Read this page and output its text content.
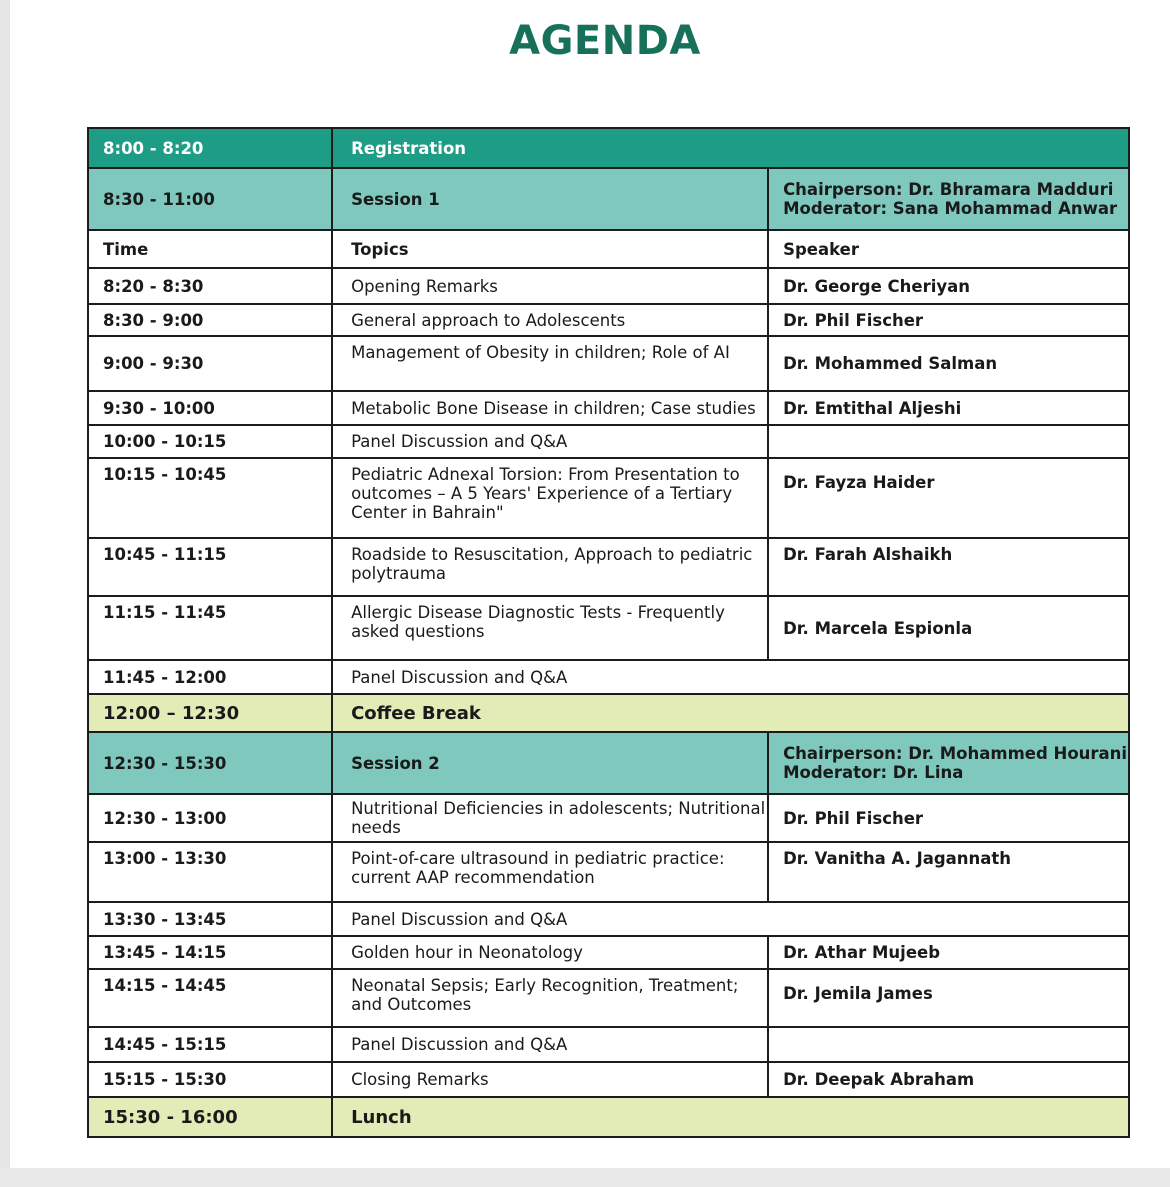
AGENDA
8:00 - 8:20	Registration	
8:30 - 11:00	Session 1	Chairperson: Dr. Bhramara Madduri
Moderator: Sana Mohammad Anwar

Time	Topics	Speaker
8:20 - 8:30	Opening Remarks	Dr. George Cheriyan
8:30 - 9:00	General approach to Adolescents	Dr. Phil Fischer
9:00 - 9:30	Management of Obesity in children; Role of AI	Dr. Mohammed Salman
9:30 - 10:00	Metabolic Bone Disease in children; Case studies	Dr. Emtithal Aljeshi
10:00 - 10:15	Panel Discussion and Q&A	
10:15 - 10:45	Pediatric Adnexal Torsion: From Presentation to outcomes – A 5 Years' Experience of a Tertiary Center in Bahrain"	Dr. Fayza Haider
10:45 - 11:15	Roadside to Resuscitation, Approach to pediatric polytrauma	Dr. Farah Alshaikh
11:15 - 11:45	Allergic Disease Diagnostic Tests - Frequently asked questions	Dr. Marcela Espionla
11:45 - 12:00	Panel Discussion and Q&A	
12:00 – 12:30	Coffee Break	
12:30 - 15:30	Session 2	Chairperson: Dr. Mohammed Hourani
Moderator: Dr. Lina

12:30 - 13:00	Nutritional Deficiencies in adolescents; Nutritional needs	Dr. Phil Fischer
13:00 - 13:30	Point-of-care ultrasound in pediatric practice: current AAP recommendation	Dr. Vanitha A. Jagannath
13:30 - 13:45	Panel Discussion and Q&A	
13:45 - 14:15	Golden hour in Neonatology	Dr. Athar Mujeeb
14:15 - 14:45	Neonatal Sepsis; Early Recognition, Treatment; and Outcomes	Dr. Jemila James
14:45 - 15:15	Panel Discussion and Q&A	
15:15 - 15:30	Closing Remarks	Dr. Deepak Abraham
15:30 - 16:00	Lunch	
